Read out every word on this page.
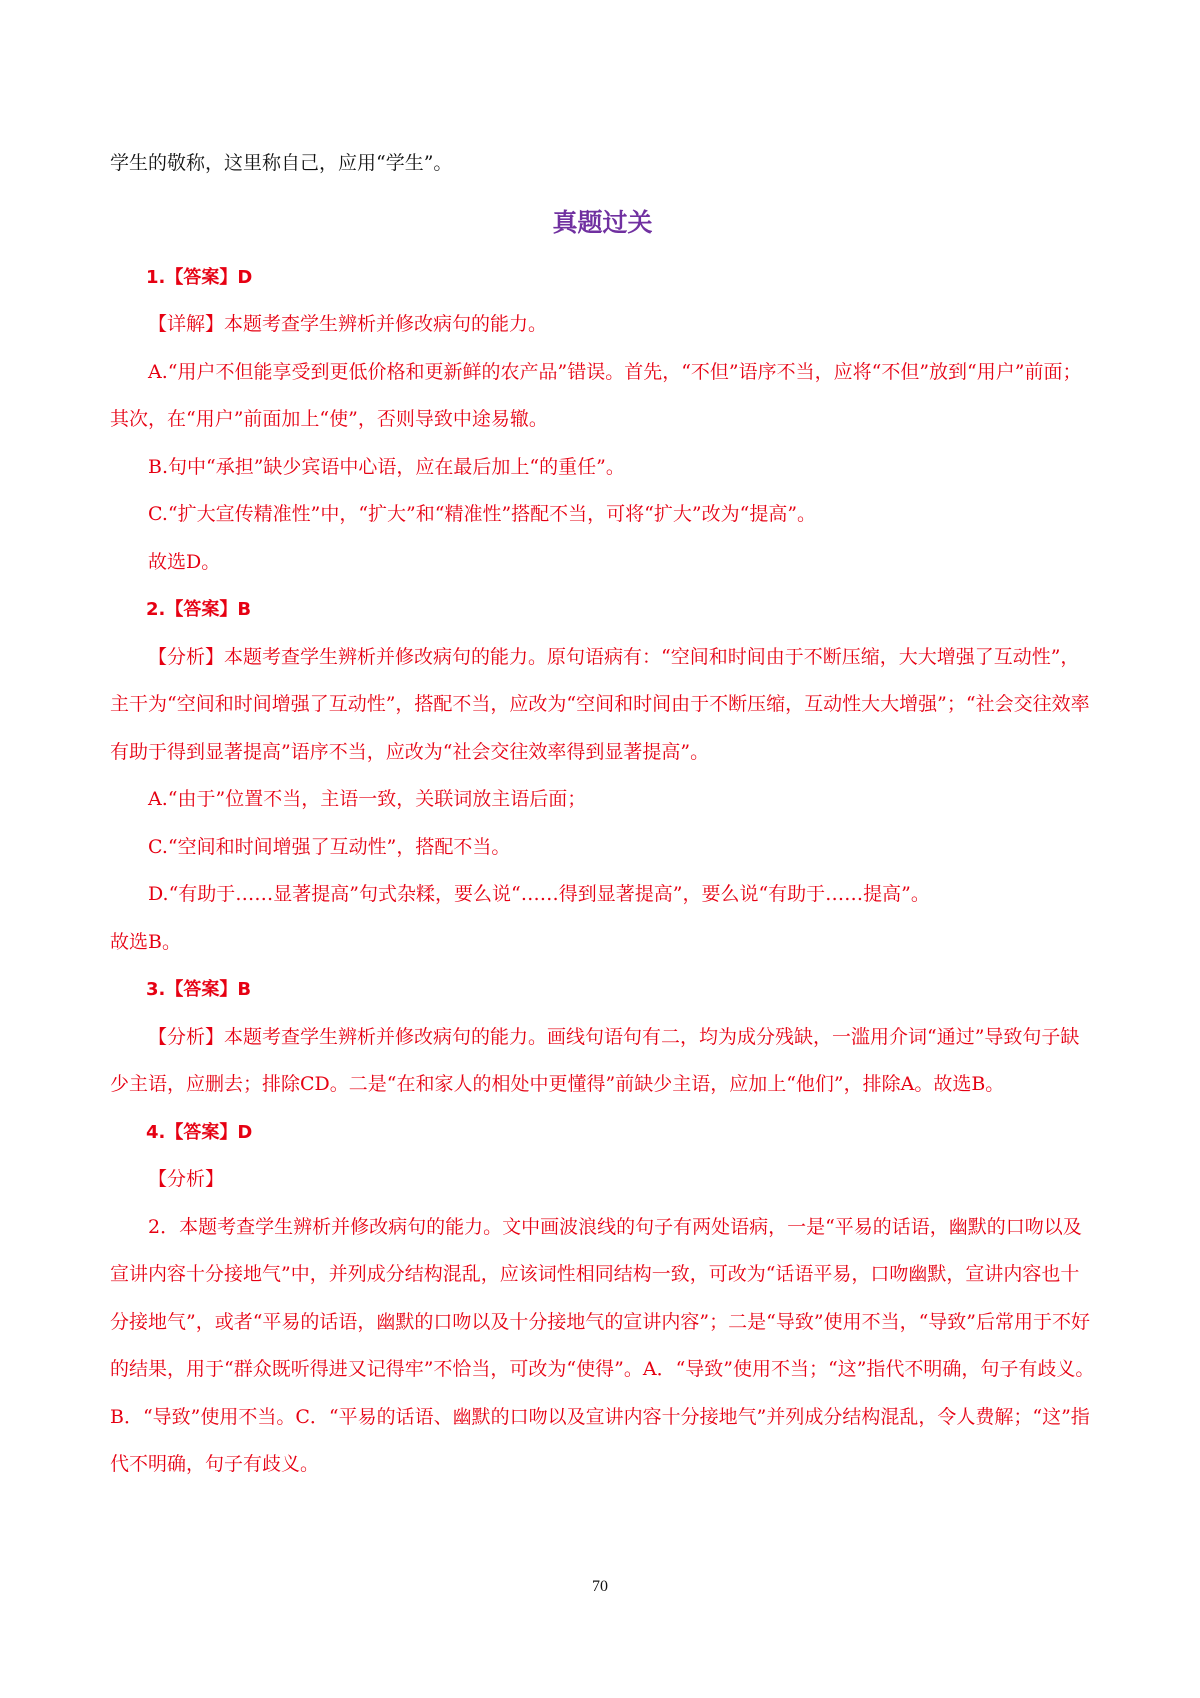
学生的敬称，这里称自己，应用“学生”。

真题过关

1.【答案】D

【详解】本题考查学生辨析并修改病句的能力。

A.“用户不但能享受到更低价格和更新鲜的农产品”错误。首先，“不但”语序不当，应将“不但”放到“用户”前面；其次，在“用户”前面加上“使”，否则导致中途易辙。

B.句中“承担”缺少宾语中心语，应在最后加上“的重任”。

C.“扩大宣传精准性”中，“扩大”和“精准性”搭配不当，可将“扩大”改为“提高”。

故选D。

2.【答案】B

【分析】本题考查学生辨析并修改病句的能力。原句语病有：“空间和时间由于不断压缩，大大增强了互动性”，主干为“空间和时间增强了互动性”，搭配不当，应改为“空间和时间由于不断压缩，互动性大大增强”；“社会交往效率有助于得到显著提高”语序不当，应改为“社会交往效率得到显著提高”。

A.“由于”位置不当，主语一致，关联词放主语后面；

C.“空间和时间增强了互动性”，搭配不当。

D.“有助于……显著提高”句式杂糅，要么说“……得到显著提高”，要么说“有助于……提高”。

故选B。

3.【答案】B

【分析】本题考查学生辨析并修改病句的能力。画线句语句有二，均为成分残缺，一滥用介词“通过”导致句子缺少主语，应删去；排除CD。二是“在和家人的相处中更懂得”前缺少主语，应加上“他们”，排除A。故选B。

4.【答案】D

【分析】

2．本题考查学生辨析并修改病句的能力。文中画波浪线的句子有两处语病，一是“平易的话语，幽默的口吻以及宣讲内容十分接地气”中，并列成分结构混乱，应该词性相同结构一致，可改为“话语平易，口吻幽默，宣讲内容也十分接地气”，或者“平易的话语，幽默的口吻以及十分接地气的宣讲内容”；二是“导致”使用不当，“导致”后常用于不好的结果，用于“群众既听得进又记得牢”不恰当，可改为“使得”。A．“导致”使用不当；“这”指代不明确，句子有歧义。B．“导致”使用不当。C．“平易的话语、幽默的口吻以及宣讲内容十分接地气”并列成分结构混乱，令人费解；“这”指代不明确，句子有歧义。

70
